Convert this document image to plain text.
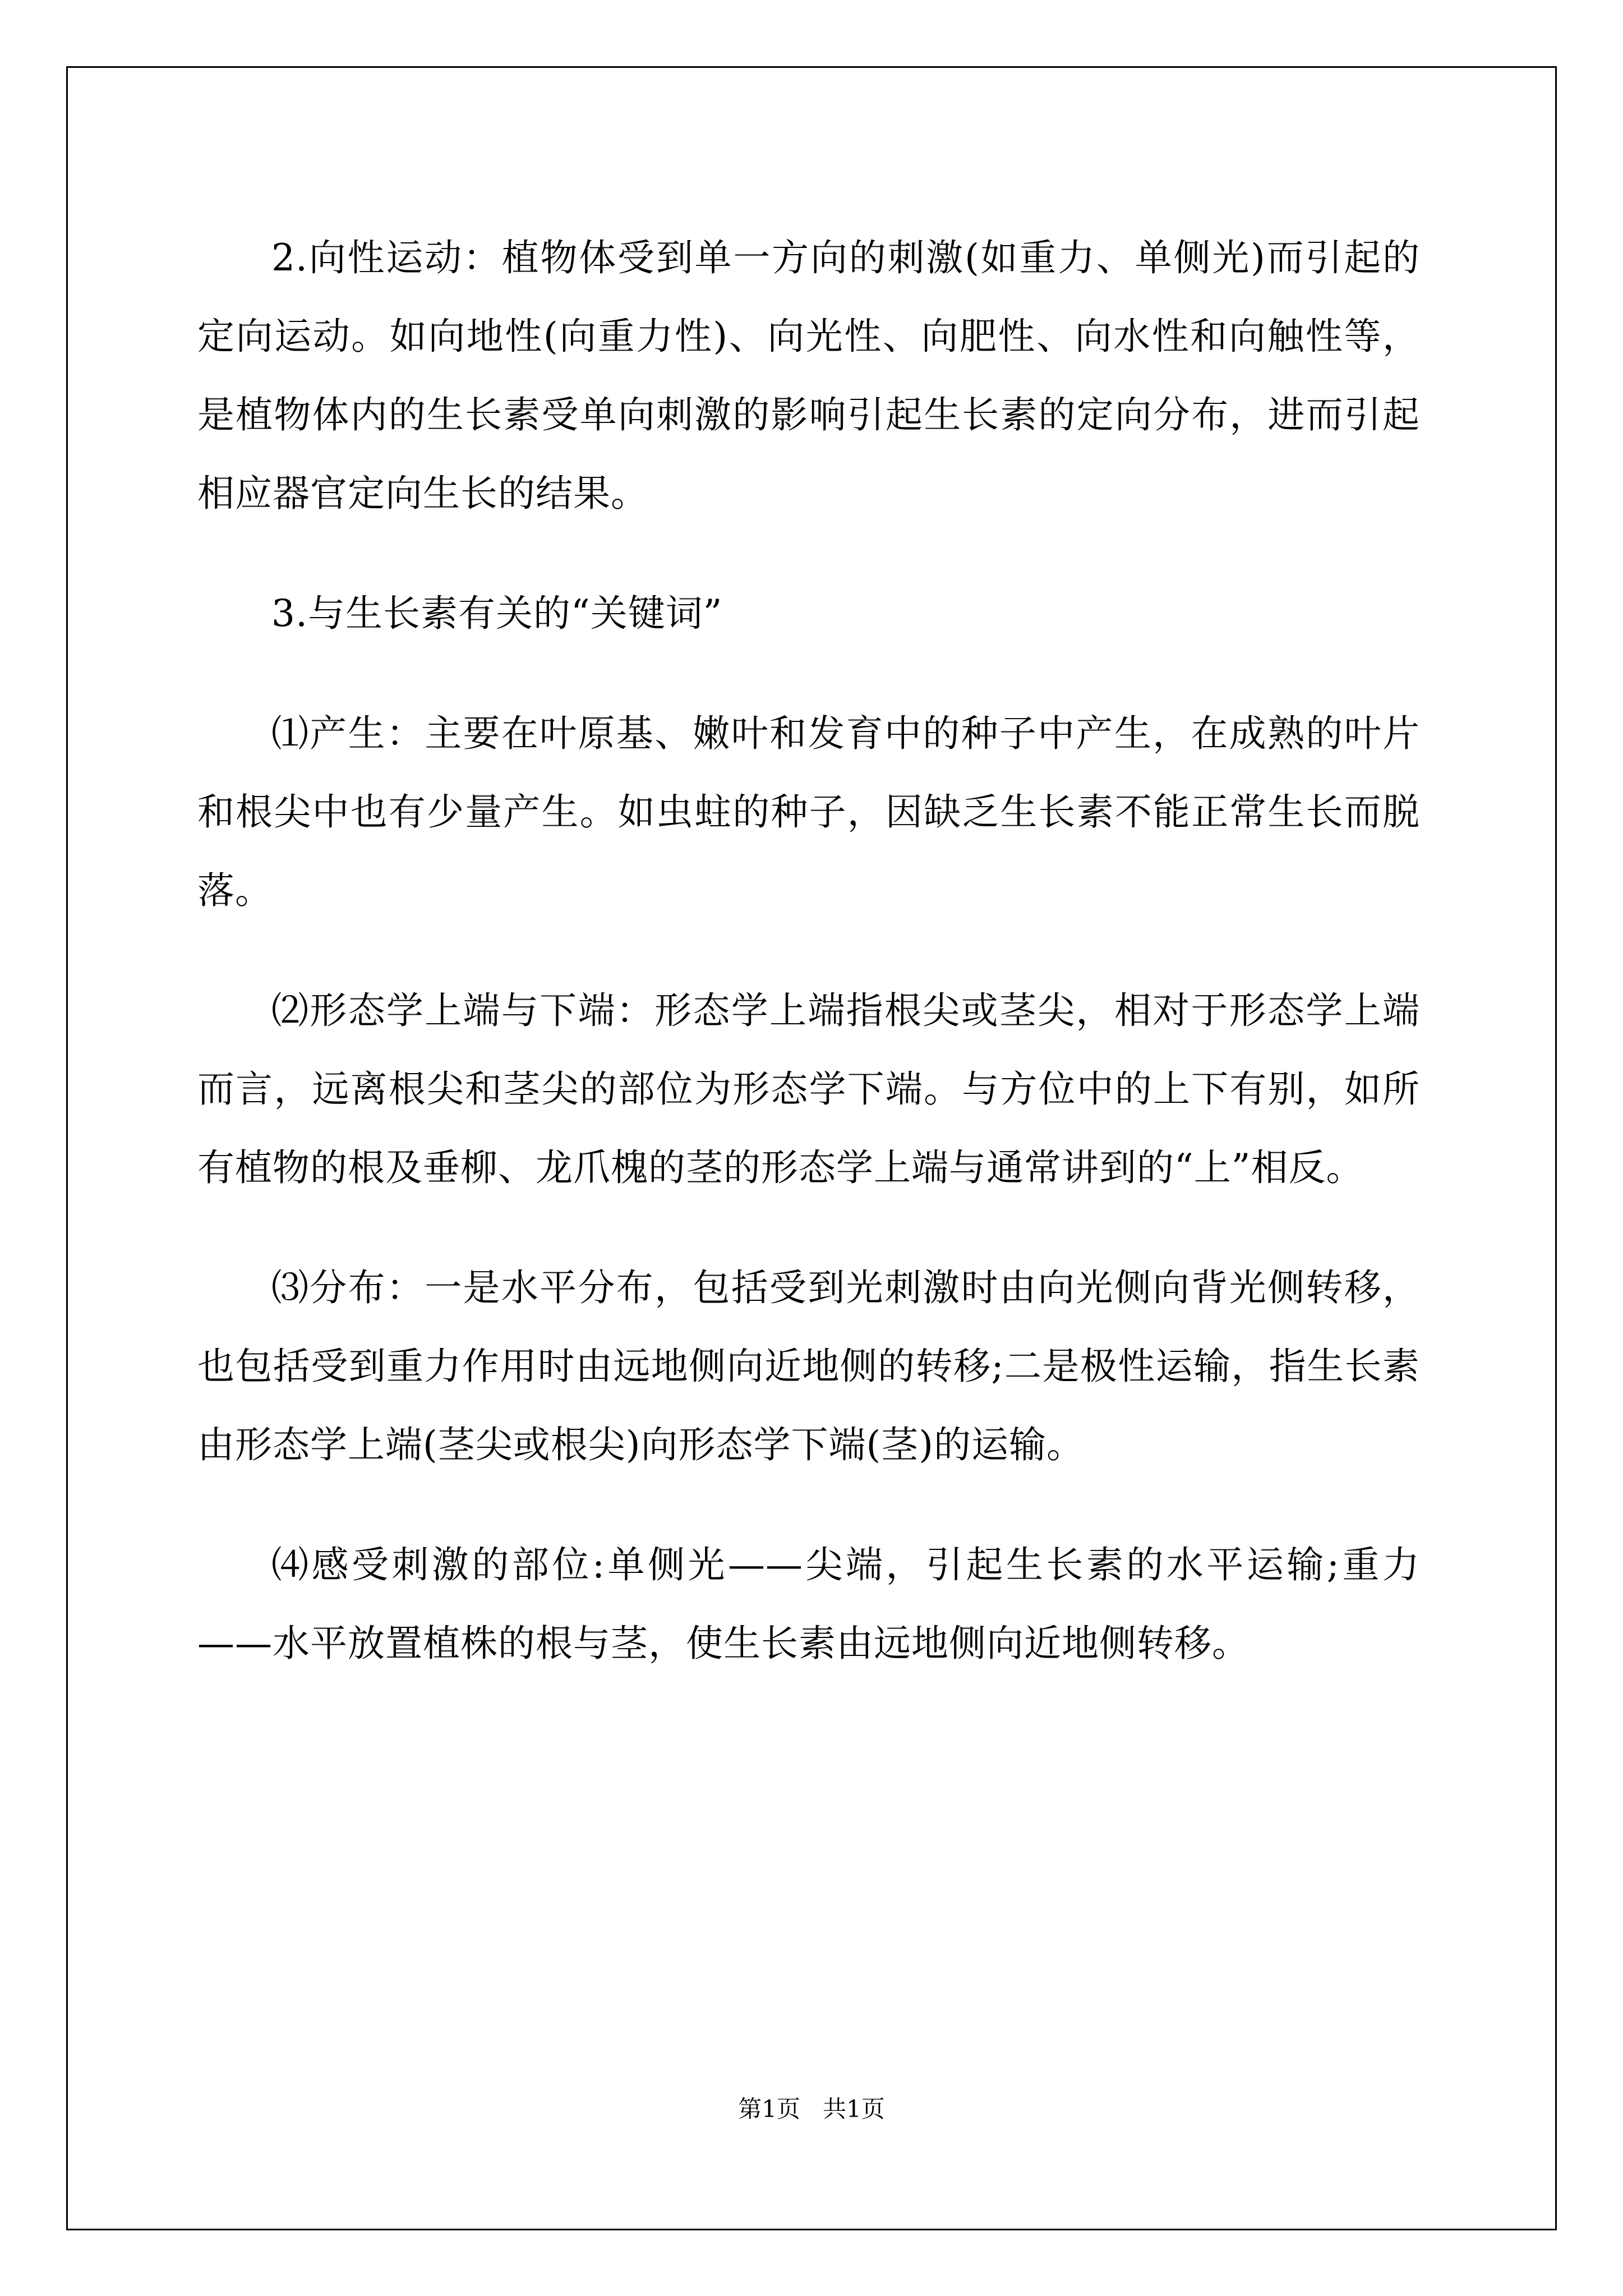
2.向性运动：植物体受到单一方向的刺激(如重力、单侧光)而引起的定向运动。如向地性(向重力性)、向光性、向肥性、向水性和向触性等，是植物体内的生长素受单向刺激的影响引起生长素的定向分布，进而引起相应器官定向生长的结果。

3.与生长素有关的“关键词”

⑴产生：主要在叶原基、嫩叶和发育中的种子中产生，在成熟的叶片和根尖中也有少量产生。如虫蛀的种子，因缺乏生长素不能正常生长而脱落。

⑵形态学上端与下端：形态学上端指根尖或茎尖，相对于形态学上端而言，远离根尖和茎尖的部位为形态学下端。与方位中的上下有别，如所有植物的根及垂柳、龙爪槐的茎的形态学上端与通常讲到的“上”相反。

⑶分布：一是水平分布，包括受到光刺激时由向光侧向背光侧转移，也包括受到重力作用时由远地侧向近地侧的转移;二是极性运输，指生长素由形态学上端(茎尖或根尖)向形态学下端(茎)的运输。

⑷感受刺激的部位:单侧光——尖端，引起生长素的水平运输;重力——水平放置植株的根与茎，使生长素由远地侧向近地侧转移。

第1页 共1页
